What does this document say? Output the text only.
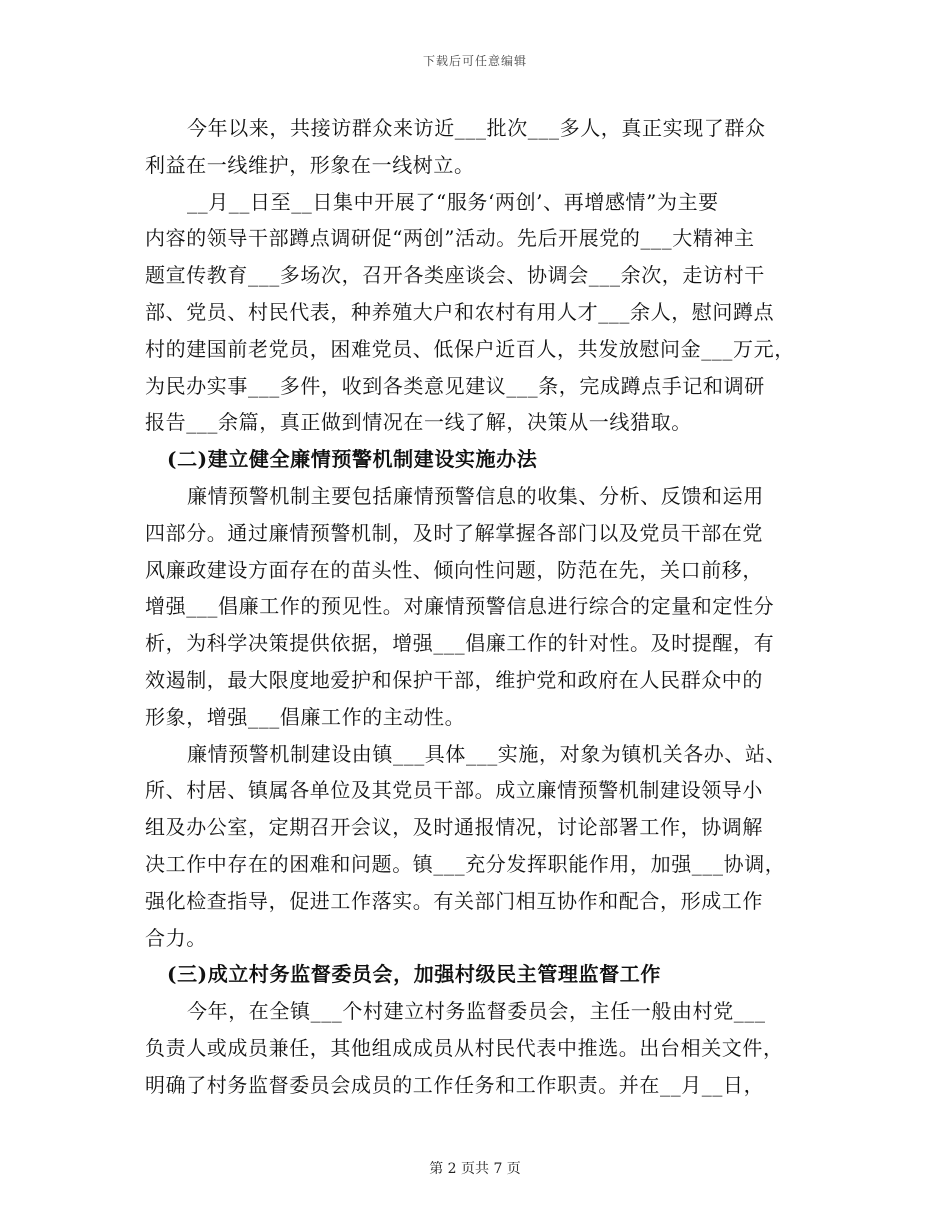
下载后可任意编辑
今年以来，共接访群众来访近___批次___多人，真正实现了群众
利益在一线维护，形象在一线树立。
__月__日至__日集中开展了“服务‘两创’、再增感情”为主要
内容的领导干部蹲点调研促“两创”活动。先后开展党的___大精神主
题宣传教育___多场次，召开各类座谈会、协调会___余次，走访村干
部、党员、村民代表，种养殖大户和农村有用人才___余人，慰问蹲点
村的建国前老党员，困难党员、低保户近百人，共发放慰问金___万元，
为民办实事___多件，收到各类意见建议___条，完成蹲点手记和调研
报告___余篇，真正做到情况在一线了解，决策从一线猎取。
(二)建立健全廉情预警机制建设实施办法
廉情预警机制主要包括廉情预警信息的收集、分析、反馈和运用
四部分。通过廉情预警机制，及时了解掌握各部门以及党员干部在党
风廉政建设方面存在的苗头性、倾向性问题，防范在先，关口前移，
增强___倡廉工作的预见性。对廉情预警信息进行综合的定量和定性分
析，为科学决策提供依据，增强___倡廉工作的针对性。及时提醒，有
效遏制，最大限度地爱护和保护干部，维护党和政府在人民群众中的
形象，增强___倡廉工作的主动性。
廉情预警机制建设由镇___具体___实施，对象为镇机关各办、站、
所、村居、镇属各单位及其党员干部。成立廉情预警机制建设领导小
组及办公室，定期召开会议，及时通报情况，讨论部署工作，协调解
决工作中存在的困难和问题。镇___充分发挥职能作用，加强___协调，
强化检查指导，促进工作落实。有关部门相互协作和配合，形成工作
合力。
(三)成立村务监督委员会，加强村级民主管理监督工作
今年，在全镇___个村建立村务监督委员会，主任一般由村党___
负责人或成员兼任，其他组成成员从村民代表中推选。出台相关文件，
明确了村务监督委员会成员的工作任务和工作职责。并在__月__日，
第 2 页共 7 页
